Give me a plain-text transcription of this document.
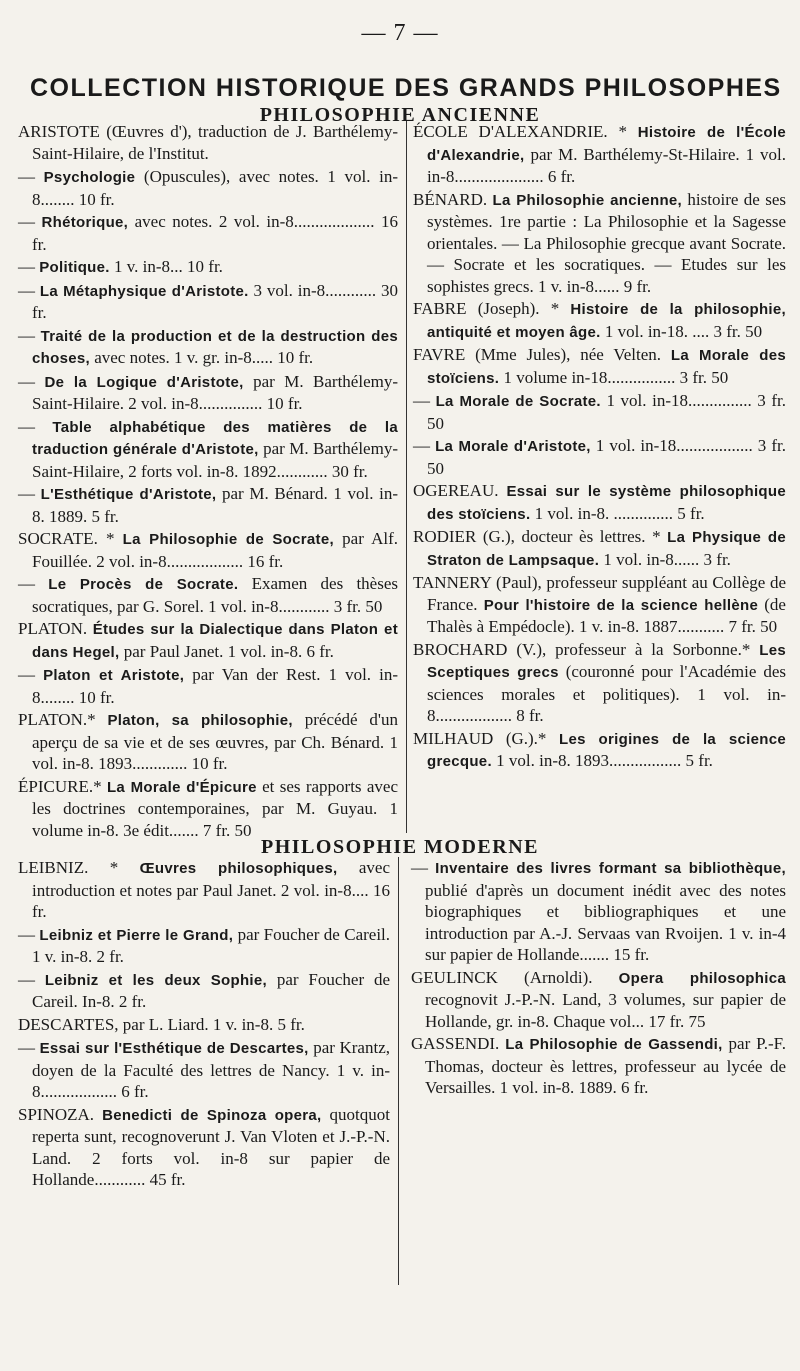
— 7 —
COLLECTION HISTORIQUE DES GRANDS PHILOSOPHES
PHILOSOPHIE ANCIENNE
ARISTOTE (Œuvres d'), traduction de J. Barthélemy-Saint-Hilaire, de l'Institut.
— Psychologie (Opuscules), avec notes. 1 vol. in-8........ 10 fr.
— Rhétorique, avec notes. 2 vol. in-8................... 16 fr.
— Politique. 1 v. in-8... 10 fr.
— La Métaphysique d'Aristote. 3 vol. in-8............ 30 fr.
— Traité de la production et de la destruction des choses, avec notes. 1 v. gr. in-8..... 10 fr.
— De la Logique d'Aristote, par M. Barthélemy-Saint-Hilaire. 2 vol. in-8............... 10 fr.
— Table alphabétique des matières de la traduction générale d'Aristote, par M. Barthélemy-Saint-Hilaire, 2 forts vol. in-8. 1892............ 30 fr.
— L'Esthétique d'Aristote, par M. Bénard. 1 vol. in-8. 1889. 5 fr.
SOCRATE. * La Philosophie de Socrate, par Alf. Fouillée. 2 vol. in-8.................. 16 fr.
— Le Procès de Socrate. Examen des thèses socratiques, par G. Sorel. 1 vol. in-8............ 3 fr. 50
PLATON. Études sur la Dialectique dans Platon et dans Hegel, par Paul Janet. 1 vol. in-8. 6 fr.
— Platon et Aristote, par Van der Rest. 1 vol. in-8........ 10 fr.
PLATON.* Platon, sa philosophie, précédé d'un aperçu de sa vie et de ses œuvres, par Ch. Bénard. 1 vol. in-8. 1893............. 10 fr.
ÉPICURE.* La Morale d'Épicure et ses rapports avec les doctrines contemporaines, par M. Guyau. 1 volume in-8. 3e édit....... 7 fr. 50
ÉCOLE D'ALEXANDRIE. * Histoire de l'École d'Alexandrie, par M. Barthélemy-St-Hilaire. 1 vol. in-8..................... 6 fr.
BÉNARD. La Philosophie ancienne, histoire de ses systèmes. 1re partie : La Philosophie et la Sagesse orientales. — La Philosophie grecque avant Socrate. — Socrate et les socratiques. — Etudes sur les sophistes grecs. 1 v. in-8...... 9 fr.
FABRE (Joseph). * Histoire de la philosophie, antiquité et moyen âge. 1 vol. in-18. .... 3 fr. 50
FAVRE (Mme Jules), née Velten. La Morale des stoïciens. 1 volume in-18................ 3 fr. 50
— La Morale de Socrate. 1 vol. in-18............... 3 fr. 50
— La Morale d'Aristote, 1 vol. in-18.................. 3 fr. 50
OGEREAU. Essai sur le système philosophique des stoïciens. 1 vol. in-8. .............. 5 fr.
RODIER (G.), docteur ès lettres. * La Physique de Straton de Lampsaque. 1 vol. in-8...... 3 fr.
TANNERY (Paul), professeur suppléant au Collège de France. Pour l'histoire de la science hellène (de Thalès à Empédocle). 1 v. in-8. 1887........... 7 fr. 50
BROCHARD (V.), professeur à la Sorbonne.* Les Sceptiques grecs (couronné pour l'Académie des sciences morales et politiques). 1 vol. in-8.................. 8 fr.
MILHAUD (G.).* Les origines de la science grecque. 1 vol. in-8. 1893................. 5 fr.
PHILOSOPHIE MODERNE
LEIBNIZ. * Œuvres philosophiques, avec introduction et notes par Paul Janet. 2 vol. in-8.... 16 fr.
— Leibniz et Pierre le Grand, par Foucher de Careil. 1 v. in-8. 2 fr.
— Leibniz et les deux Sophie, par Foucher de Careil. In-8. 2 fr.
DESCARTES, par L. Liard. 1 v. in-8. 5 fr.
— Essai sur l'Esthétique de Descartes, par Krantz, doyen de la Faculté des lettres de Nancy. 1 v. in-8.................. 6 fr.
SPINOZA. Benedicti de Spinoza opera, quotquot reperta sunt, recognoverunt J. Van Vloten et J.-P.-N. Land. 2 forts vol. in-8 sur papier de Hollande............ 45 fr.
— Inventaire des livres formant sa bibliothèque, publié d'après un document inédit avec des notes biographiques et bibliographiques et une introduction par A.-J. Servaas van Rvoijen. 1 v. in-4 sur papier de Hollande....... 15 fr.
GEULINCK (Arnoldi). Opera philosophica recognovit J.-P.-N. Land, 3 volumes, sur papier de Hollande, gr. in-8. Chaque vol... 17 fr. 75
GASSENDI. La Philosophie de Gassendi, par P.-F. Thomas, docteur ès lettres, professeur au lycée de Versailles. 1 vol. in-8. 1889. 6 fr.
